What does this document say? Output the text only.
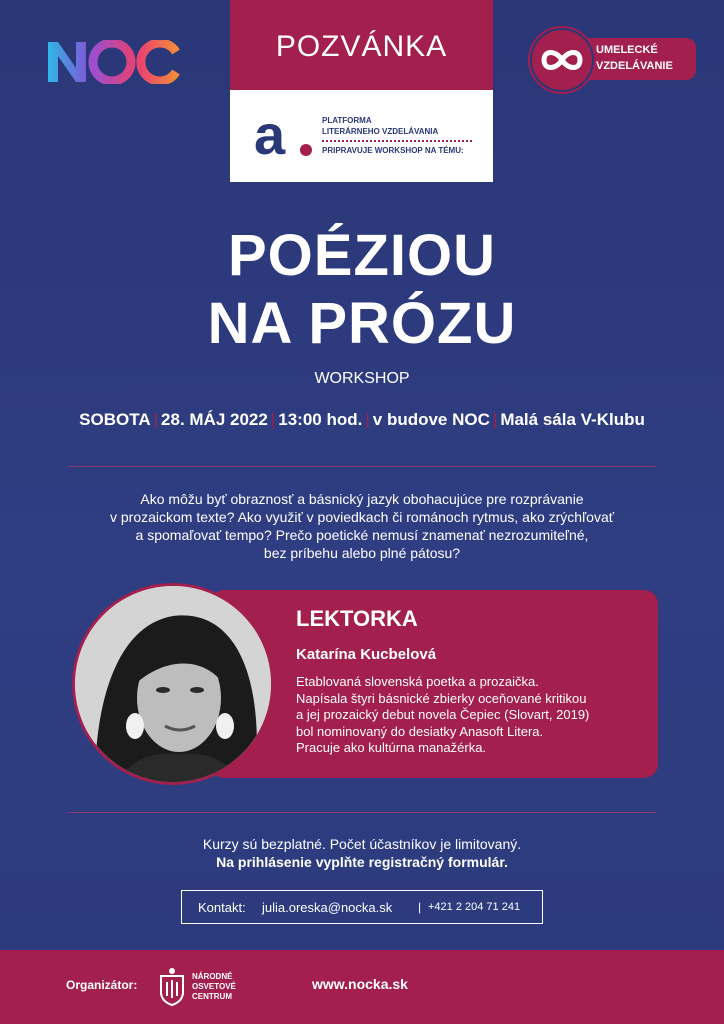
POZVÁNKA
a	PLATFORMA
LITERÁRNEHO VZDELÁVANIA
PRIPRAVUJE WORKSHOP NA TÉMU:
UMELECKÉ
VZDELÁVANIE
POÉZIOU
NA PRÓZU
WORKSHOP
SOBOTA | 28. MÁJ 2022 | 13:00 hod. | v budove NOC | Malá sála V-Klubu
Ako môžu byť obraznosť a básnický jazyk obohacujúce pre rozprávanie
v prozaickom texte? Ako využiť v poviedkach či románoch rytmus, ako zrýchľovať
a spomaľovať tempo? Prečo poetické nemusí znamenať nezrozumiteľné,
bez príbehu alebo plné pátosu?
LEKTORKA
Katarína Kucbelová
Etablovaná slovenská poetka a prozaička.
Napísala štyri básnické zbierky oceňované kritikou
a jej prozaický debut novela Čepiec (Slovart, 2019)
bol nominovaný do desiatky Anasoft Litera.
Pracuje ako kultúrna manažérka.
Kurzy sú bezplatné. Počet účastníkov je limitovaný.
Na prihlásenie vyplňte registračný formulár.
Kontakt: julia.oreska@nocka.sk | +421 2 204 71 241
Organizátor:
NÁRODNÉ
OSVETOVÉ
CENTRUM
www.nocka.sk
